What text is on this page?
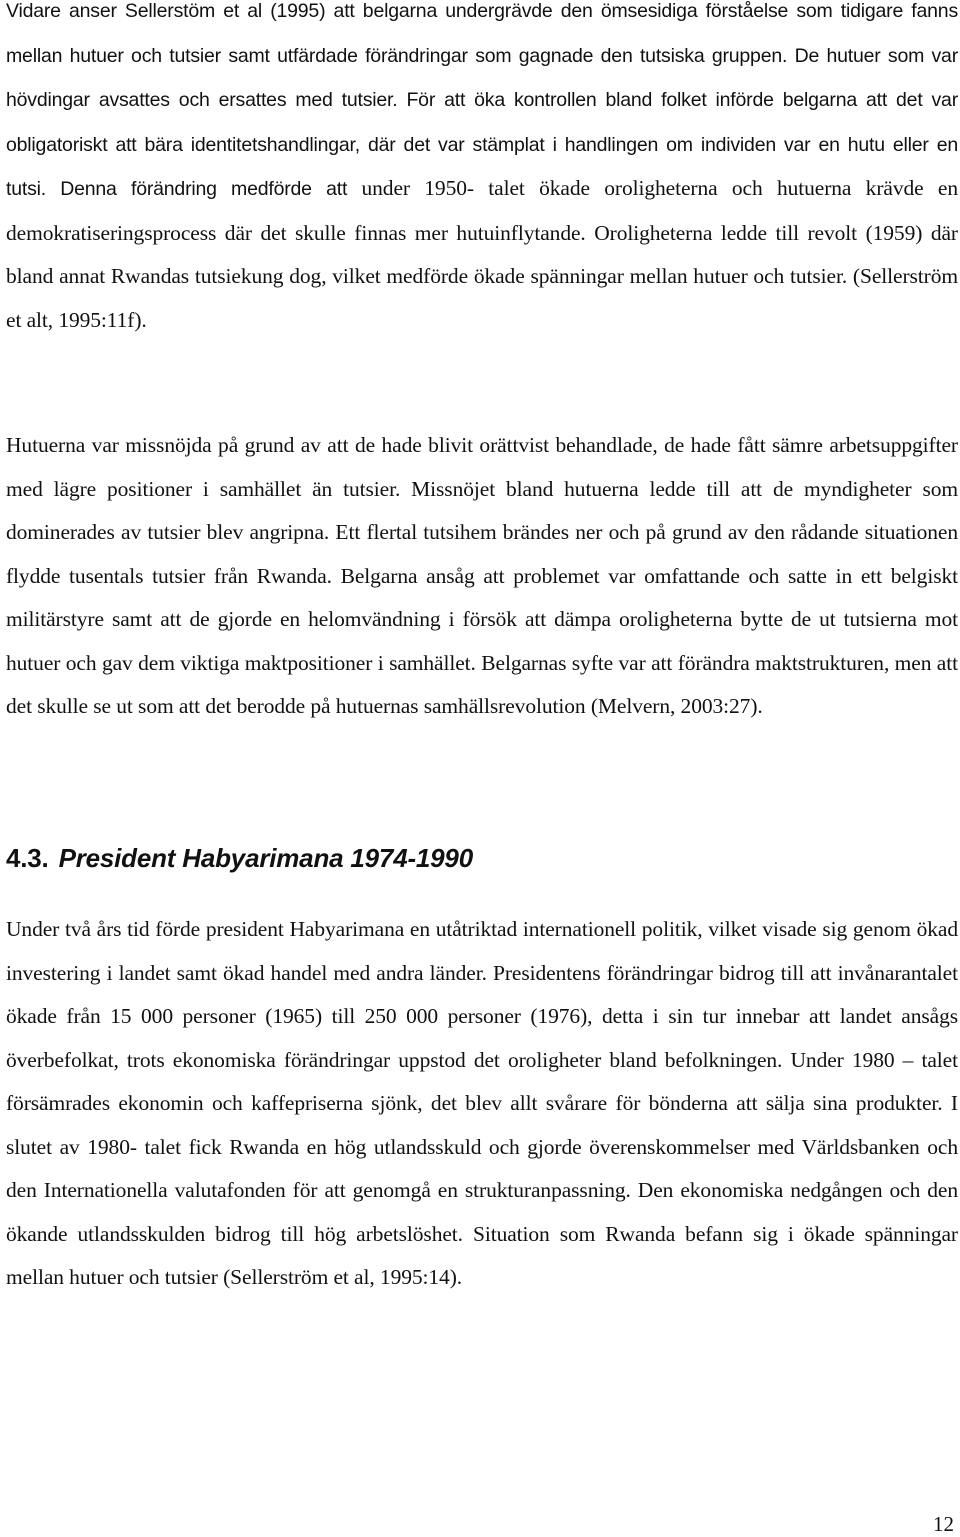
Vidare anser Sellerstöm et al (1995) att belgarna undergrävde den ömsesidiga förståelse som tidigare fanns mellan hutuer och tutsier samt utfärdade förändringar som gagnade den tutsiska gruppen. De hutuer som var hövdingar avsattes och ersattes med tutsier. För att öka kontrollen bland folket införde belgarna att det var obligatoriskt att bära identitetshandlingar, där det var stämplat i handlingen om individen var en hutu eller en tutsi. Denna förändring medförde att under 1950- talet ökade oroligheterna och hutuerna krävde en demokratiseringsprocess där det skulle finnas mer hutuinflytande. Oroligheterna ledde till revolt (1959) där bland annat Rwandas tutsiekung dog, vilket medförde ökade spänningar mellan hutuer och tutsier. (Sellerström et alt, 1995:11f).

Hutuerna var missnöjda på grund av att de hade blivit orättvist behandlade, de hade fått sämre arbetsuppgifter med lägre positioner i samhället än tutsier. Missnöjet bland hutuerna ledde till att de myndigheter som dominerades av tutsier blev angripna. Ett flertal tutsihem brändes ner och på grund av den rådande situationen flydde tusentals tutsier från Rwanda. Belgarna ansåg att problemet var omfattande och satte in ett belgiskt militärstyre samt att de gjorde en helomvändning i försök att dämpa oroligheterna bytte de ut tutsierna mot hutuer och gav dem viktiga maktpositioner i samhället. Belgarnas syfte var att förändra maktstrukturen, men att det skulle se ut som att det berodde på hutuernas samhällsrevolution (Melvern, 2003:27).

4.3. President Habyarimana 1974-1990

Under två års tid förde president Habyarimana en utåtriktad internationell politik, vilket visade sig genom ökad investering i landet samt ökad handel med andra länder. Presidentens förändringar bidrog till att invånarantalet ökade från 15 000 personer (1965) till 250 000 personer (1976), detta i sin tur innebar att landet ansågs överbefolkat, trots ekonomiska förändringar uppstod det oroligheter bland befolkningen. Under 1980 – talet försämrades ekonomin och kaffepriserna sjönk, det blev allt svårare för bönderna att sälja sina produkter. I slutet av 1980- talet fick Rwanda en hög utlandsskuld och gjorde överenskommelser med Världsbanken och den Internationella valutafonden för att genomgå en strukturanpassning. Den ekonomiska nedgången och den ökande utlandsskulden bidrog till hög arbetslöshet. Situation som Rwanda befann sig i ökade spänningar mellan hutuer och tutsier (Sellerström et al, 1995:14).

12
